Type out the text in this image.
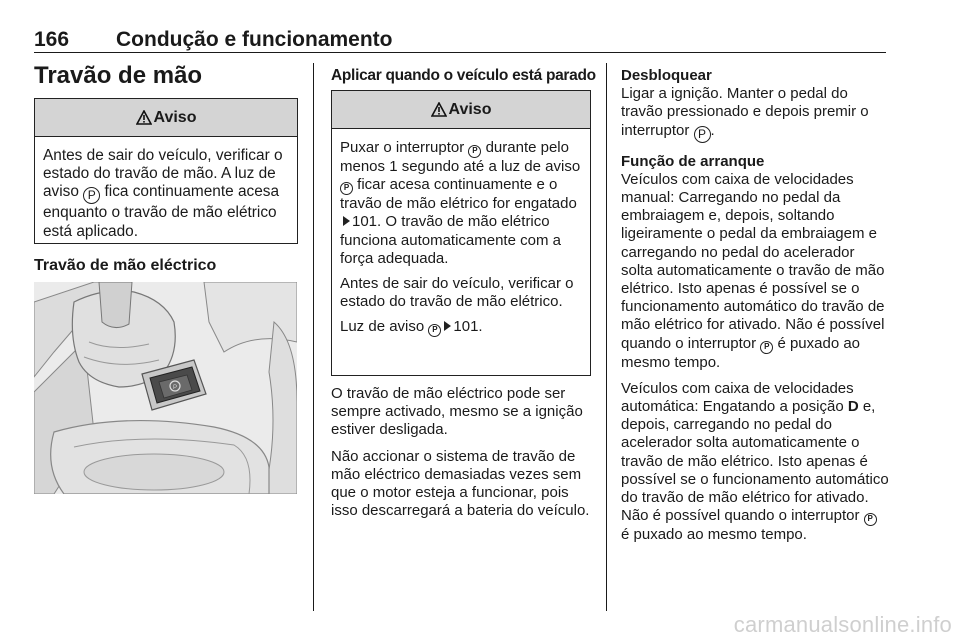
166 Condução e funcionamento
Travão de mão
Aviso

Antes de sair do veículo, verificar o estado do travão de mão. A luz de aviso P fica continuamente acesa enquanto o travão de mão elétrico está aplicado.

Travão de mão eléctrico
P
Aplicar quando o veículo está parado
Aviso

Puxar o interruptor P durante pelo menos 1 segundo até a luz de aviso P ficar acesa continuamente e o travão de mão elétrico for engatado101. O travão de mão elétrico funciona automaticamente com a força adequada.

Antes de sair do veículo, verificar o estado do travão de mão elétrico.

Luz de aviso P 101.

O travão de mão eléctrico pode ser sempre activado, mesmo se a ignição estiver desligada.

Não accionar o sistema de travão de mão eléctrico demasiadas vezes sem que o motor esteja a funcionar, pois isso descarregará a bateria do veículo.

Desbloquear

Ligar a ignição. Manter o pedal do travão pressionado e depois premir o interruptor P .

Função de arranque

Veículos com caixa de velocidades manual: Carregando no pedal da embraiagem e, depois, soltando ligeiramente o pedal da embraiagem e carregando no pedal do acelerador solta automaticamente o travão de mão elétrico. Isto apenas é possível se o funcionamento automático do travão de mão elétrico for ativado. Não é possível quando o interruptor P é puxado ao mesmo tempo.

Veículos com caixa de velocidades automática: Engatando a posição D e, depois, carregando no pedal do acelerador solta automaticamente o travão de mão elétrico. Isto apenas é possível se o funcionamento automático do travão de mão elétrico for ativado. Não é possível quando o interruptor P é puxado ao mesmo tempo.

carmanualsonline.info
